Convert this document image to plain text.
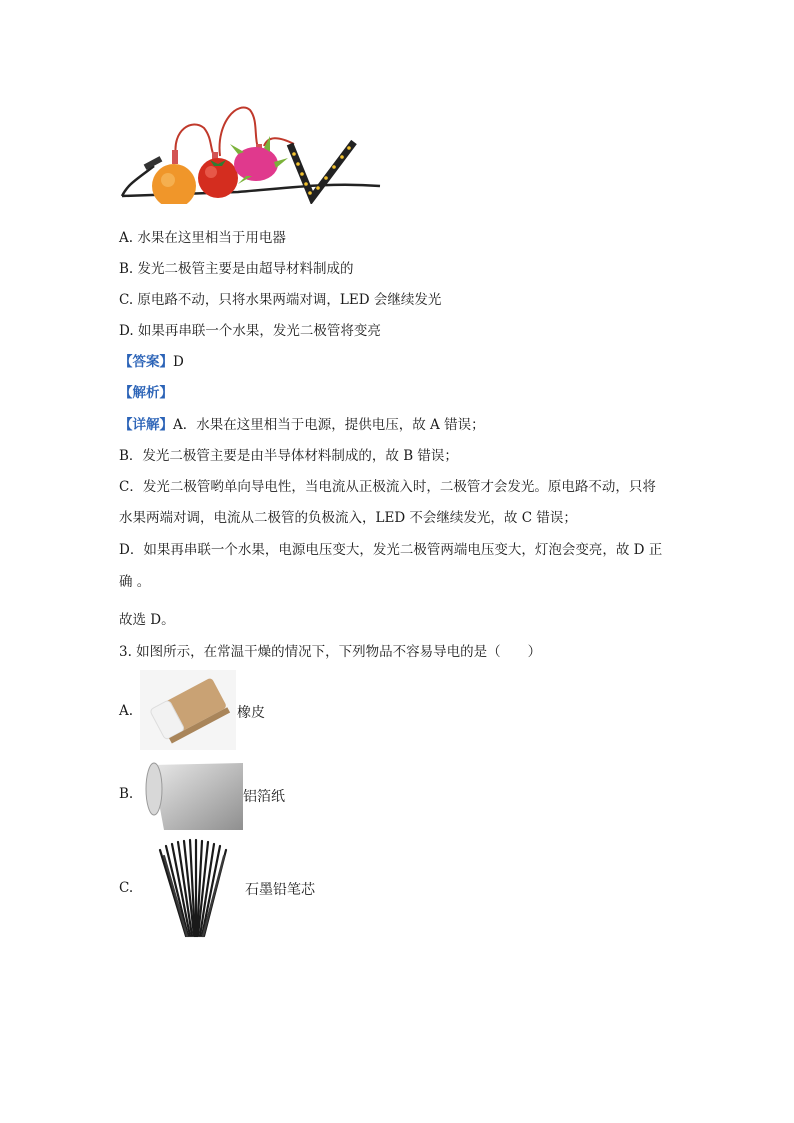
A. 水果在这里相当于用电器
B. 发光二极管主要是由超导材料制成的
C. 原电路不动，只将水果两端对调，LED 会继续发光
D. 如果再串联一个水果，发光二极管将变亮
【答案】D
【解析】
【详解】A．水果在这里相当于电源，提供电压，故 A 错误；
B．发光二极管主要是由半导体材料制成的，故 B 错误；
C．发光二极管哟单向导电性，当电流从正极流入时，二极管才会发光。原电路不动，只将
水果两端对调，电流从二极管的负极流入，LED 不会继续发光，故 C 错误；
D．如果再串联一个水果，电源电压变大，发光二极管两端电压变大，灯泡会变亮，故 D 正
确 。
故选 D。
3. 如图所示，在常温干燥的情况下，下列物品不容易导电的是（　　）
A.	橡皮
B.	铝箔纸
C.	石墨铅笔芯
